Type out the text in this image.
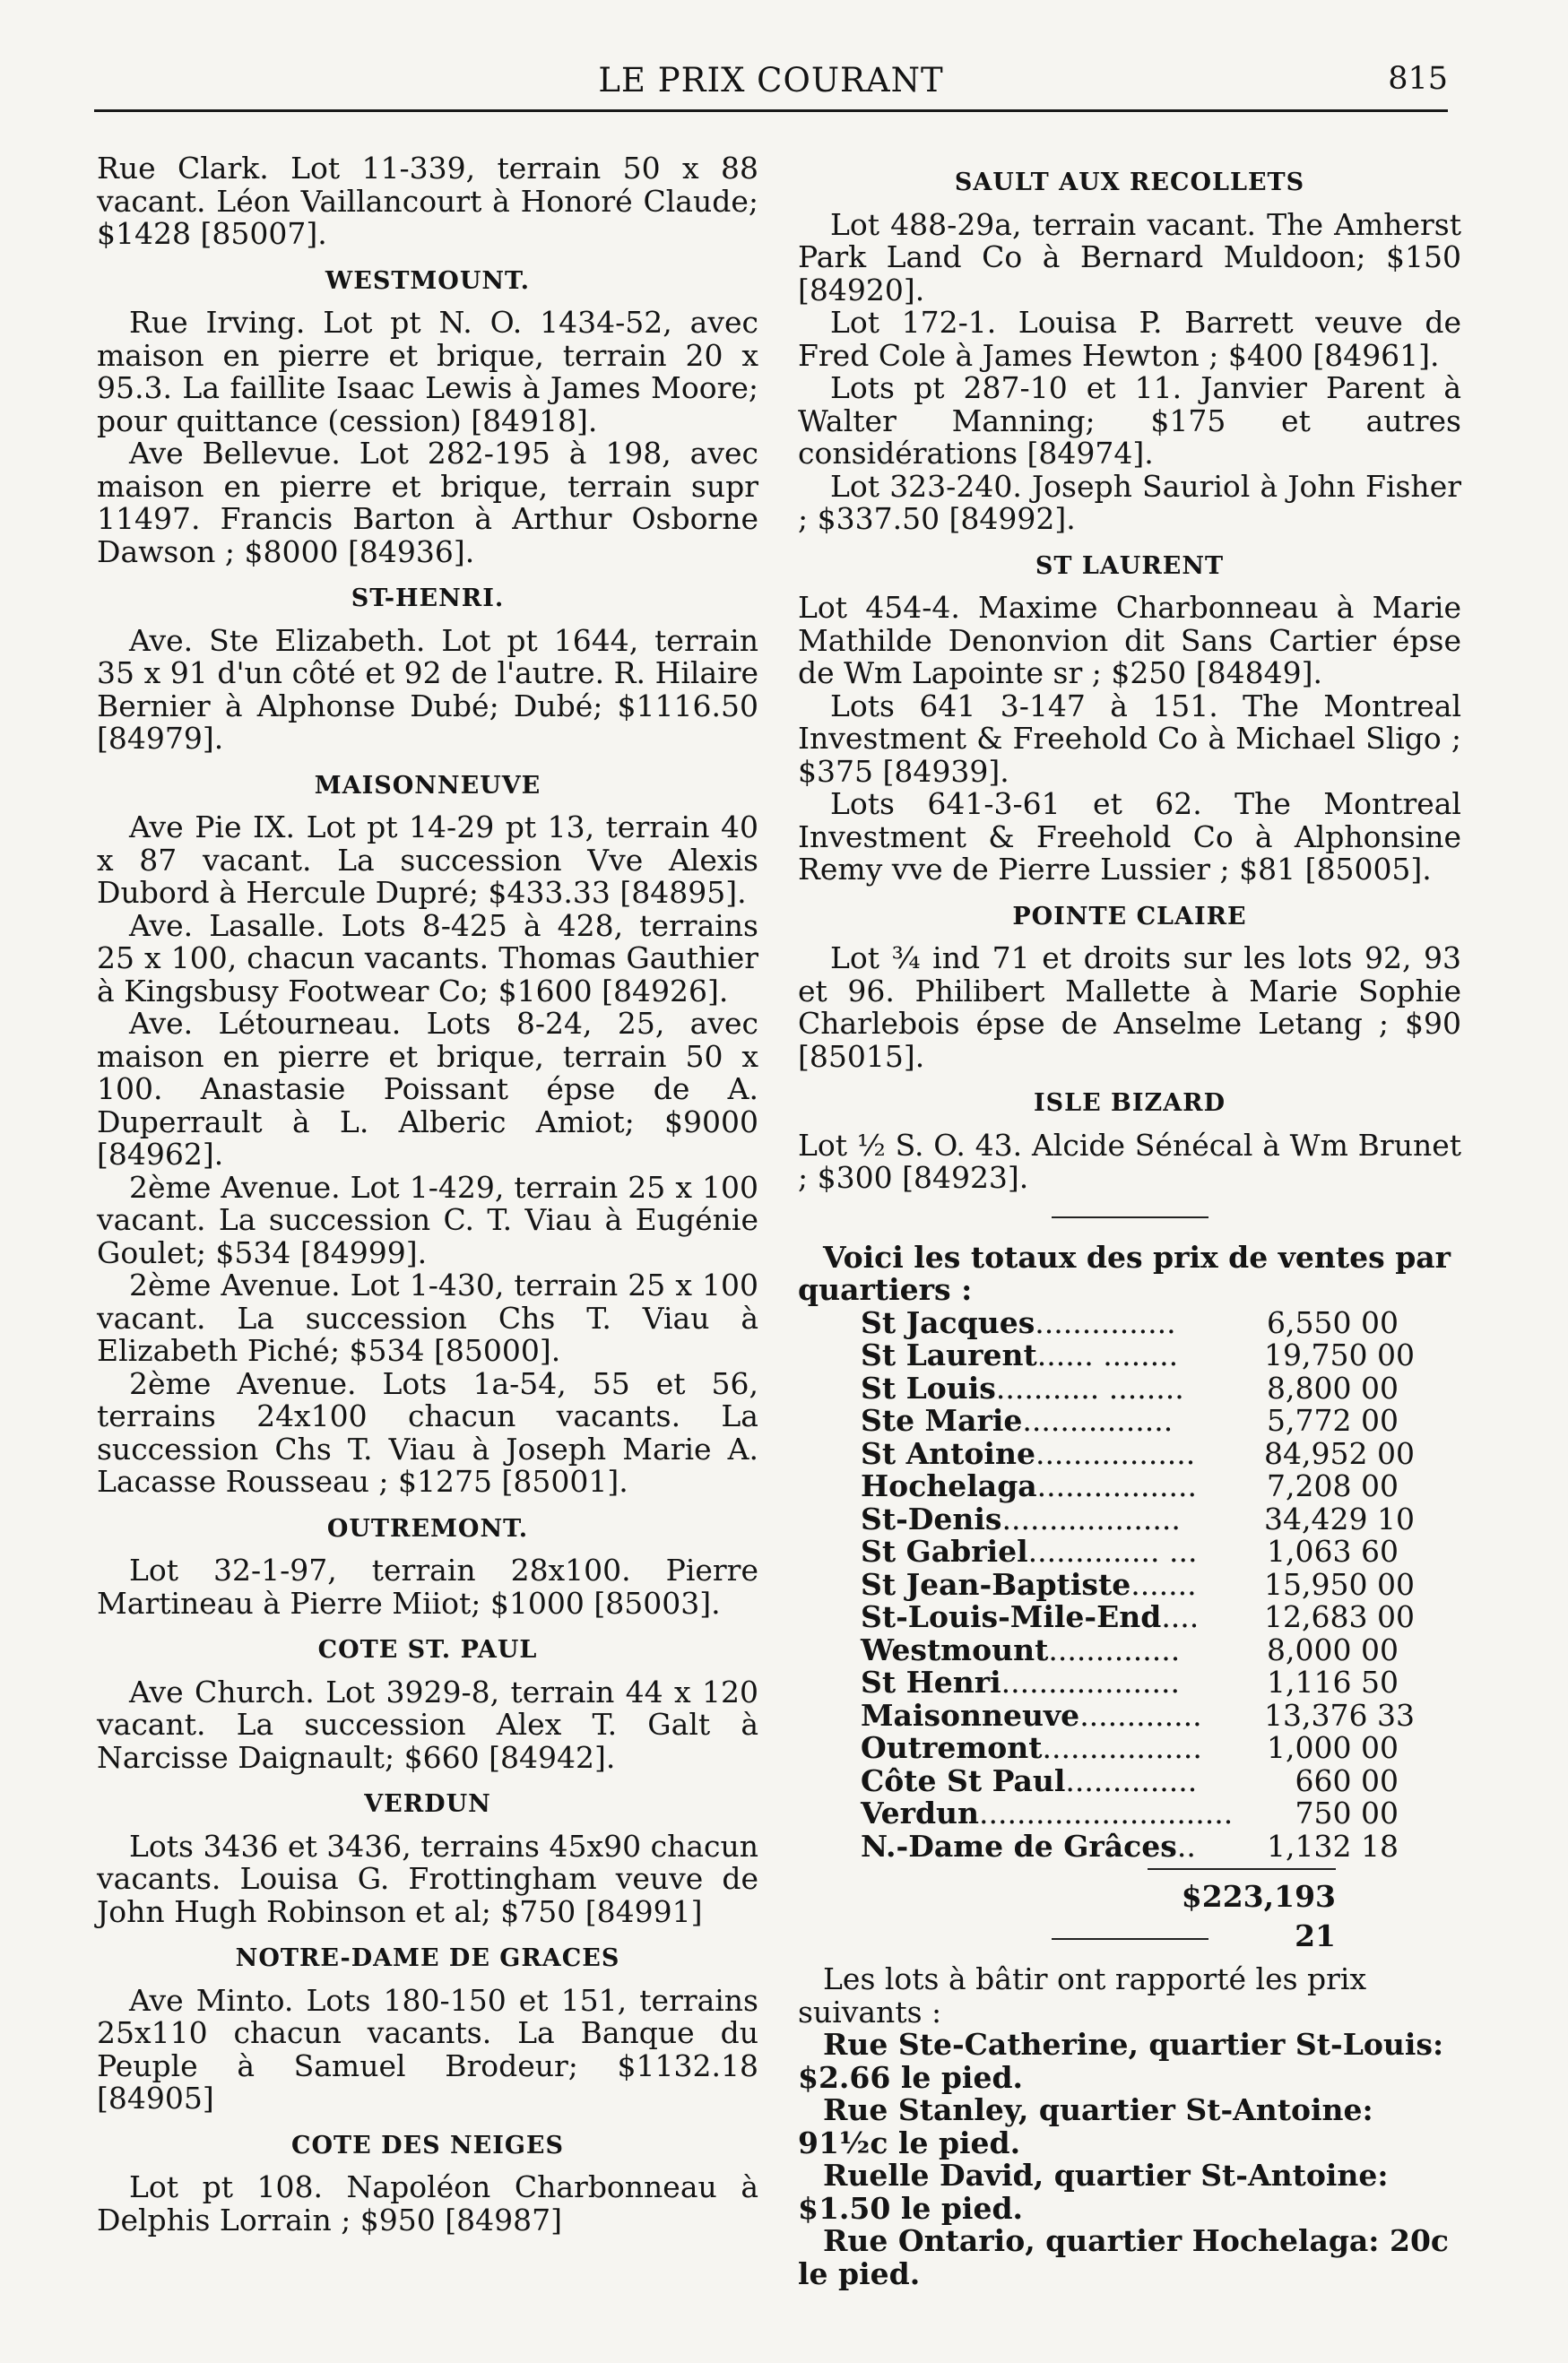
LE PRIX COURANT	815

Rue Clark. Lot 11-339, terrain 50 x 88 vacant. Léon Vaillancourt à Honoré Claude; $1428 [85007].

WESTMOUNT.

Rue Irving. Lot pt N. O. 1434-52, avec maison en pierre et brique, terrain 20 x 95.3. La faillite Isaac Lewis à James Moore; pour quittance (cession) [84918].

Ave Bellevue. Lot 282-195 à 198, avec maison en pierre et brique, terrain supr 11497. Francis Barton à Arthur Osborne Dawson ; $8000 [84936].

ST-HENRI.

Ave. Ste Elizabeth. Lot pt 1644, terrain 35 x 91 d'un côté et 92 de l'autre. R. Hilaire Bernier à Alphonse Dubé; Dubé; $1116.50 [84979].

MAISONNEUVE

Ave Pie IX. Lot pt 14-29 pt 13, terrain 40 x 87 vacant. La succession Vve Alexis Dubord à Hercule Dupré; $433.33 [84895].

Ave. Lasalle. Lots 8-425 à 428, terrains 25 x 100, chacun vacants. Thomas Gauthier à Kingsbusy Footwear Co; $1600 [84926].

Ave. Létourneau. Lots 8-24, 25, avec maison en pierre et brique, terrain 50 x 100. Anastasie Poissant épse de A. Duperrault à L. Alberic Amiot; $9000 [84962].

2ème Avenue. Lot 1-429, terrain 25 x 100 vacant. La succession C. T. Viau à Eugénie Goulet; $534 [84999].

2ème Avenue. Lot 1-430, terrain 25 x 100 vacant. La succession Chs T. Viau à Elizabeth Piché; $534 [85000].

2ème Avenue. Lots 1a-54, 55 et 56, terrains 24x100 chacun vacants. La succession Chs T. Viau à Joseph Marie A. Lacasse Rousseau ; $1275 [85001].

OUTREMONT.

Lot 32-1-97, terrain 28x100. Pierre Martineau à Pierre Miiot; $1000 [85003].

COTE ST. PAUL

Ave Church. Lot 3929-8, terrain 44 x 120 vacant. La succession Alex T. Galt à Narcisse Daignault; $660 [84942].

VERDUN

Lots 3436 et 3436, terrains 45x90 chacun vacants. Louisa G. Frottingham veuve de John Hugh Robinson et al; $750 [84991]

NOTRE-DAME DE GRACES

Ave Minto. Lots 180-150 et 151, terrains 25x110 chacun vacants. La Banque du Peuple à Samuel Brodeur; $1132.18 [84905]

COTE DES NEIGES

Lot pt 108. Napoléon Charbonneau à Delphis Lorrain ; $950 [84987]

SAULT AUX RECOLLETS

Lot 488-29a, terrain vacant. The Amherst Park Land Co à Bernard Muldoon; $150 [84920].

Lot 172-1. Louisa P. Barrett veuve de Fred Cole à James Hewton ; $400 [84961].

Lots pt 287-10 et 11. Janvier Parent à Walter Manning; $175 et autres considérations [84974].

Lot 323-240. Joseph Sauriol à John Fisher ; $337.50 [84992].

ST LAURENT

Lot 454-4. Maxime Charbonneau à Marie Mathilde Denonvion dit Sans Cartier épse de Wm Lapointe sr ; $250 [84849].

Lots 641 3-147 à 151. The Montreal Investment & Freehold Co à Michael Sligo ; $375 [84939].

Lots 641-3-61 et 62. The Montreal Investment & Freehold Co à Alphonsine Remy vve de Pierre Lussier ; $81 [85005].

POINTE CLAIRE

Lot ¾ ind 71 et droits sur les lots 92, 93 et 96. Philibert Mallette à Marie Sophie Charlebois épse de Anselme Letang ; $90 [85015].

ISLE BIZARD

Lot ½ S. O. 43. Alcide Sénécal à Wm Brunet ; $300 [84923].

Voici les totaux des prix de ventes par quartiers :

St Jacques...............	6,550 00
St Laurent...... ........	19,750 00
St Louis........... ........	8,800 00
Ste Marie................	5,772 00
St Antoine................. 84,952 00
Hochelaga................. 7,208 00
St-Denis...................	34,429 10
St Gabriel.............. ... 1,063 60
St Jean-Baptiste....... 15,950 00
St-Louis-Mile-End.... 12,683 00
Westmount..............	8,000 00
St Henri...................	1,116 50
Maisonneuve............. 13,376 33
Outremont................. 1,000 00
Côte St Paul..............	660 00
Verdun...........................	750 00
N.-Dame de Grâces.. 1,132 18
$223,193 21

Les lots à bâtir ont rapporté les prix suivants :

Rue Ste-Catherine, quartier St-Louis: $2.66 le pied.

Rue Stanley, quartier St-Antoine: 91½c le pied.

Ruelle David, quartier St-Antoine: $1.50 le pied.

Rue Ontario, quartier Hochelaga: 20c le pied.
